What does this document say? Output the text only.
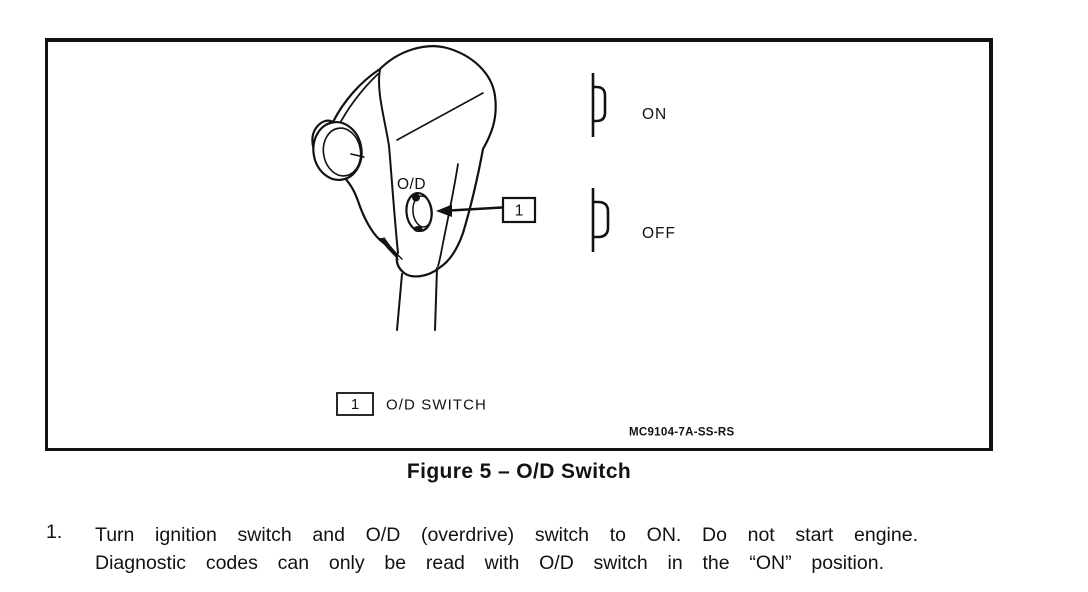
O/D
1
ON
OFF
1 O/D SWITCH
MC9104-7A-SS-RS
Figure 5 – O/D Switch
1. Turn ignition switch and O/D (overdrive) switch to ON. Do not start engine.
Diagnostic codes can only be read with O/D switch in the “ON” position.
